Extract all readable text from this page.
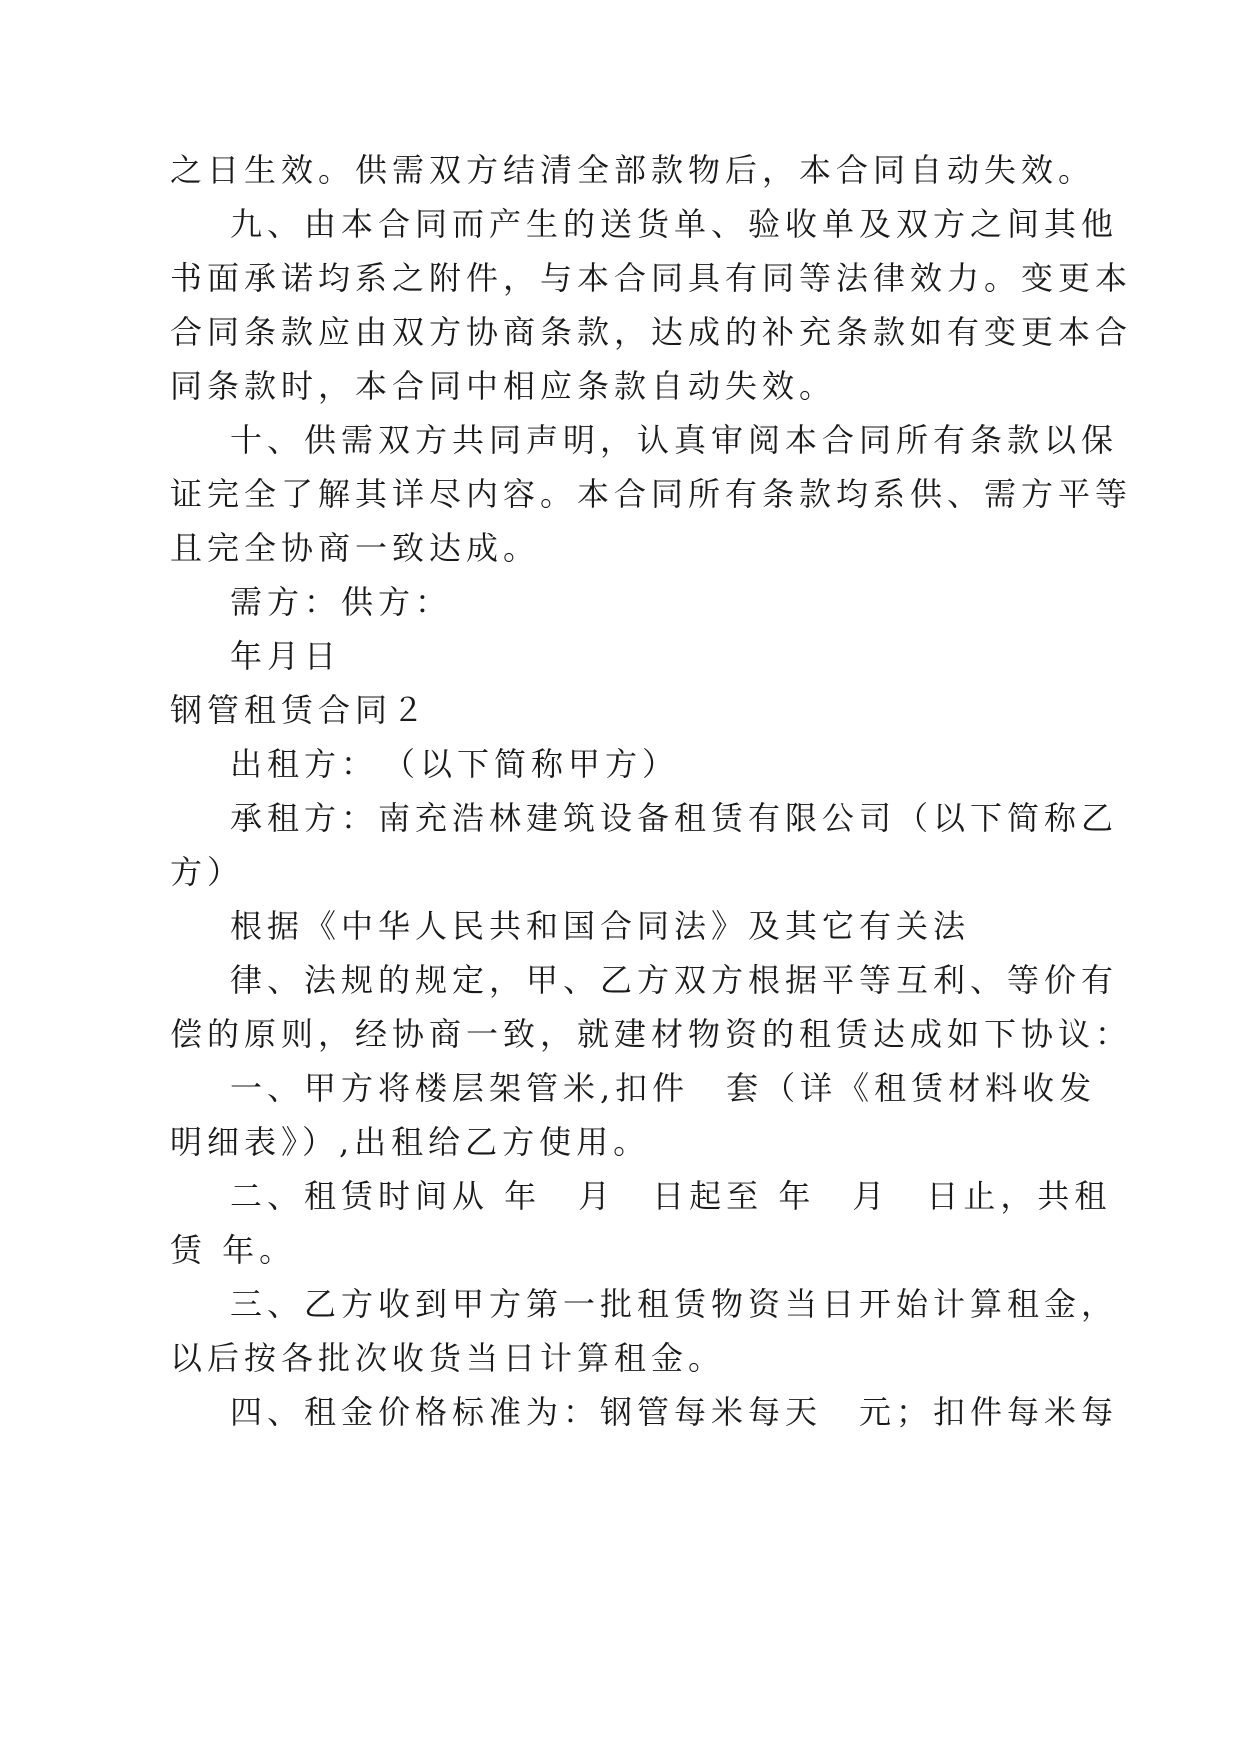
之日生效。供需双方结清全部款物后，本合同自动失效。
九、由本合同而产生的送货单、验收单及双方之间其他
书面承诺均系之附件，与本合同具有同等法律效力。变更本
合同条款应由双方协商条款，达成的补充条款如有变更本合
同条款时，本合同中相应条款自动失效。
十、供需双方共同声明，认真审阅本合同所有条款以保
证完全了解其详尽内容。本合同所有条款均系供、需方平等
且完全协商一致达成。
需方：供方：
年月日
钢管租赁合同２
出租方：　（以下简称甲方）
承租方：南充浩林建筑设备租赁有限公司（以下简称乙
方）
根据《中华人民共和国合同法》及其它有关法
律、法规的规定，甲、乙方双方根据平等互利、等价有
偿的原则，经协商一致，就建材物资的租赁达成如下协议：
一、甲方将楼层架管米,扣件　套（详《租赁材料收发
明细表》）,出租给乙方使用。
二、租赁时间从 年　月　日起至 年　月　日止，共租
赁 年。
三、乙方收到甲方第一批租赁物资当日开始计算租金，
以后按各批次收货当日计算租金。
四、租金价格标准为：钢管每米每天　元；扣件每米每
